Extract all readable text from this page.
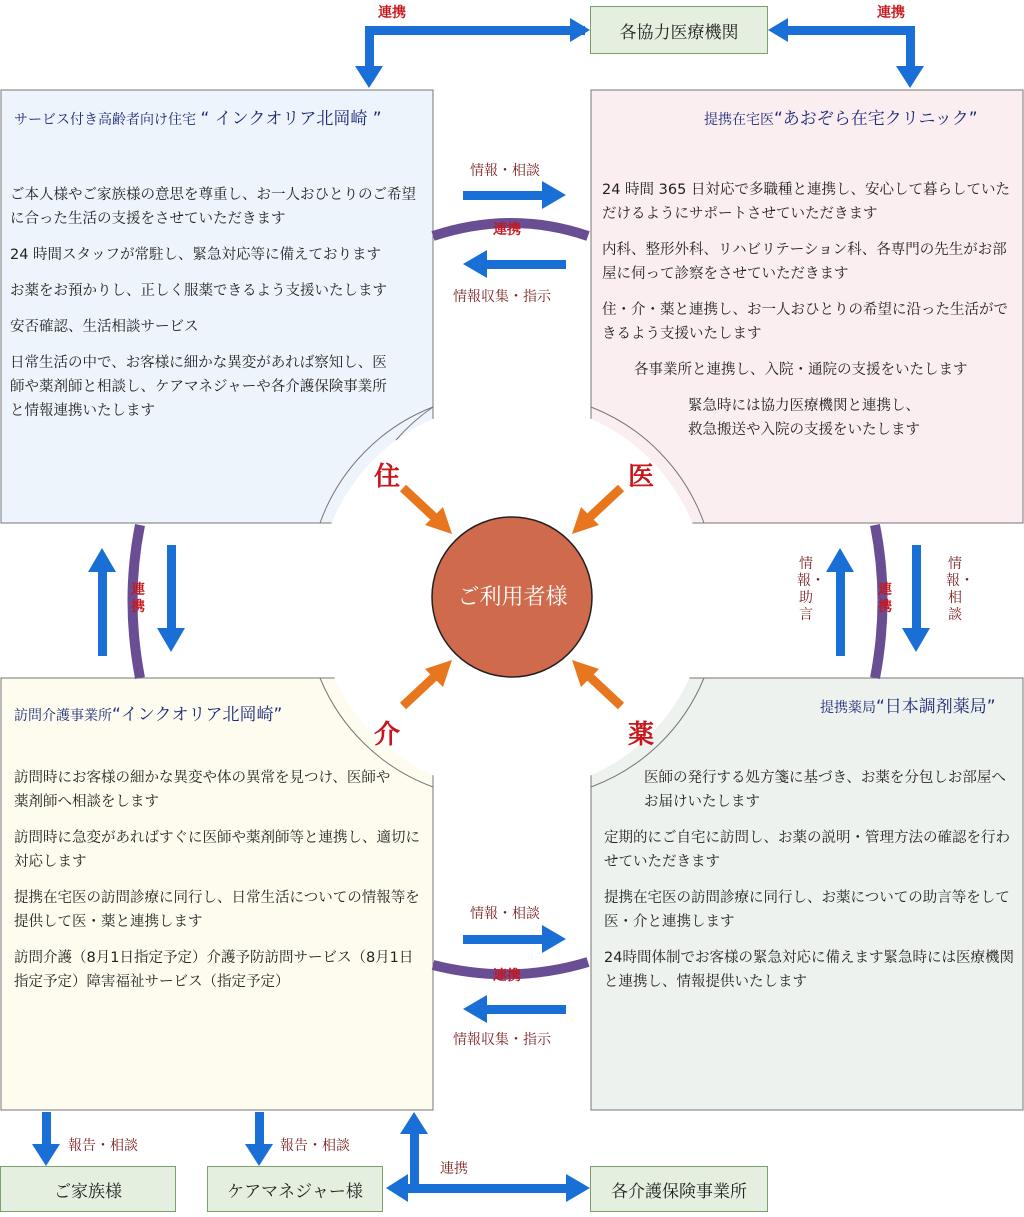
各協力医療機関

連携	連携

サービス付き高齢者向け住宅 “ インクオリア北岡崎 ”

ご本人様やご家族様の意思を尊重し、お一人おひとりのご希望に合った生活の支援をさせていただきます

24 時間スタッフが常駐し、緊急対応等に備えております

お薬をお預かりし、正しく服薬できるよう支援いたします

安否確認、生活相談サービス

日常生活の中で、お客様に細かな異変があれば察知し、医師や薬剤師と相談し、ケアマネジャーや各介護保険事業所と情報連携いたします

提携在宅医“あおぞら在宅クリニック”

24 時間 365 日対応で多職種と連携し、安心して暮らしていただけるようにサポートさせていただきます

内科、整形外科、リハビリテーション科、各専門の先生がお部屋に伺って診察をさせていただきます

住・介・薬と連携し、お一人おひとりの希望に沿った生活ができるよう支援いたします

各事業所と連携し、入院・通院の支援をいたします

緊急時には協力医療機関と連携し、救急搬送や入院の支援をいたします

訪問介護事業所“インクオリア北岡崎”

訪問時にお客様の細かな異変や体の異常を見つけ、医師や薬剤師へ相談をします

訪問時に急変があればすぐに医師や薬剤師等と連携し、適切に対応します

提携在宅医の訪問診療に同行し、日常生活についての情報等を提供して医・薬と連携します

訪問介護（8月1日指定予定）介護予防訪問サービス（8月1日指定予定）障害福祉サービス（指定予定）

提携薬局“日本調剤薬局”

医師の発行する処方箋に基づき、お薬を分包しお部屋へお届けいたします

定期的にご自宅に訪問し、お薬の説明・管理方法の確認を行わせていただきます

提携在宅医の訪問診療に同行し、お薬についての助言等をして医・介と連携します

24時間体制でお客様の緊急対応に備えます緊急時には医療機関と連携し、情報提供いたします

ご利用者様

住	医

介	薬

情報・相談

連携

情報収集・指示

情報・相談

連携

情報収集・指示

連携
連携
情報・助言
情報・相談
ご家族様	ケアマネジャー様	各介護保険事業所

報告・相談	報告・相談

連携
